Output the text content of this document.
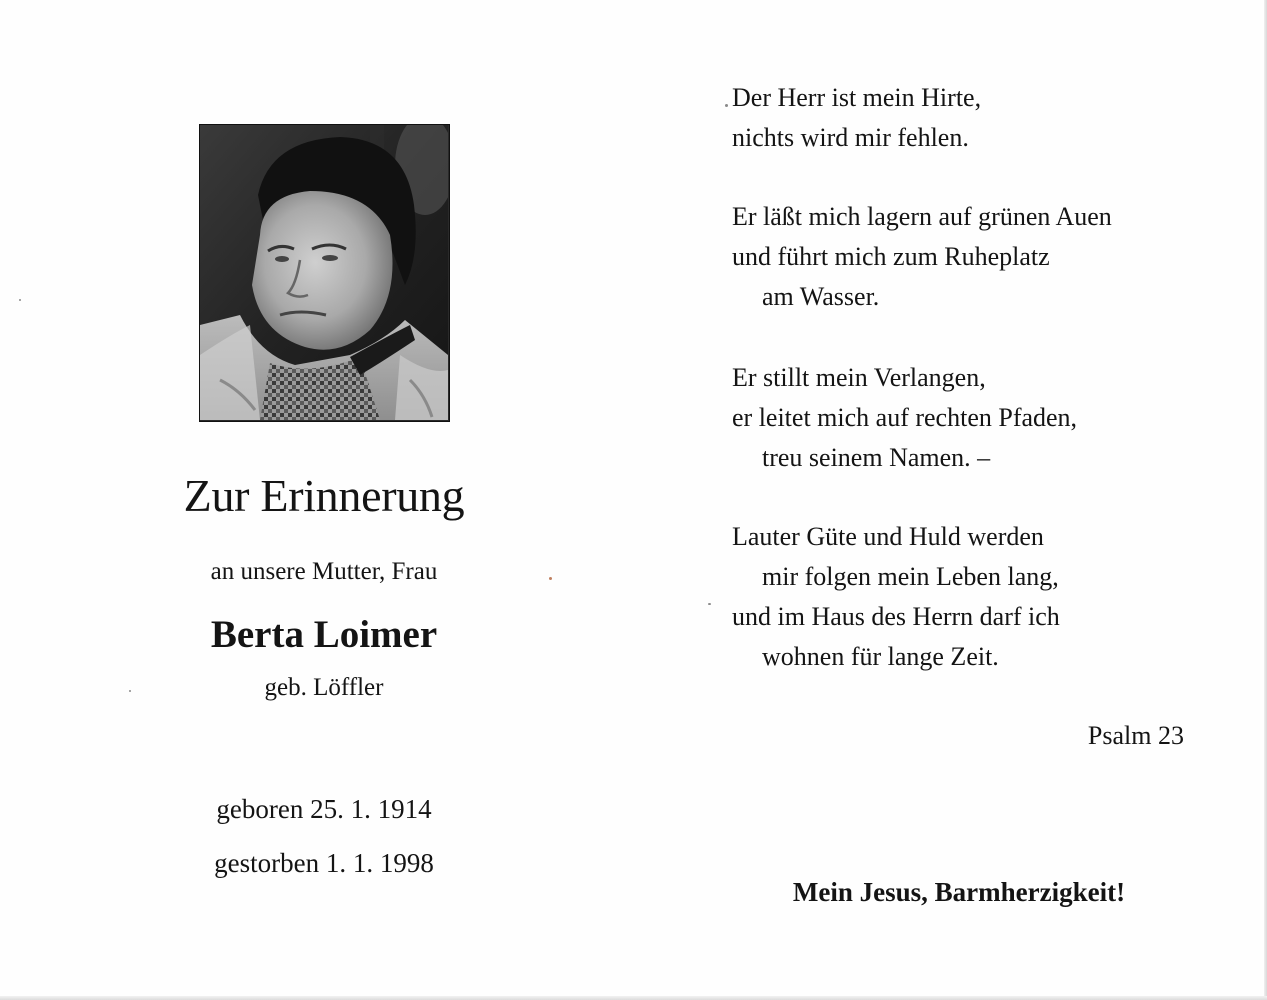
Zur Erinnerung
an unsere Mutter, Frau
Berta Loimer
geb. Löffler
geboren 25. 1. 1914
gestorben 1. 1. 1998
Der Herr ist mein Hirte,
nichts wird mir fehlen.
Er läßt mich lagern auf grünen Auen
und führt mich zum Ruheplatz
am Wasser.
Er stillt mein Verlangen,
er leitet mich auf rechten Pfaden,
treu seinem Namen. –
Lauter Güte und Huld werden
mir folgen mein Leben lang,
und im Haus des Herrn darf ich
wohnen für lange Zeit.
Psalm 23
Mein Jesus, Barmherzigkeit!
